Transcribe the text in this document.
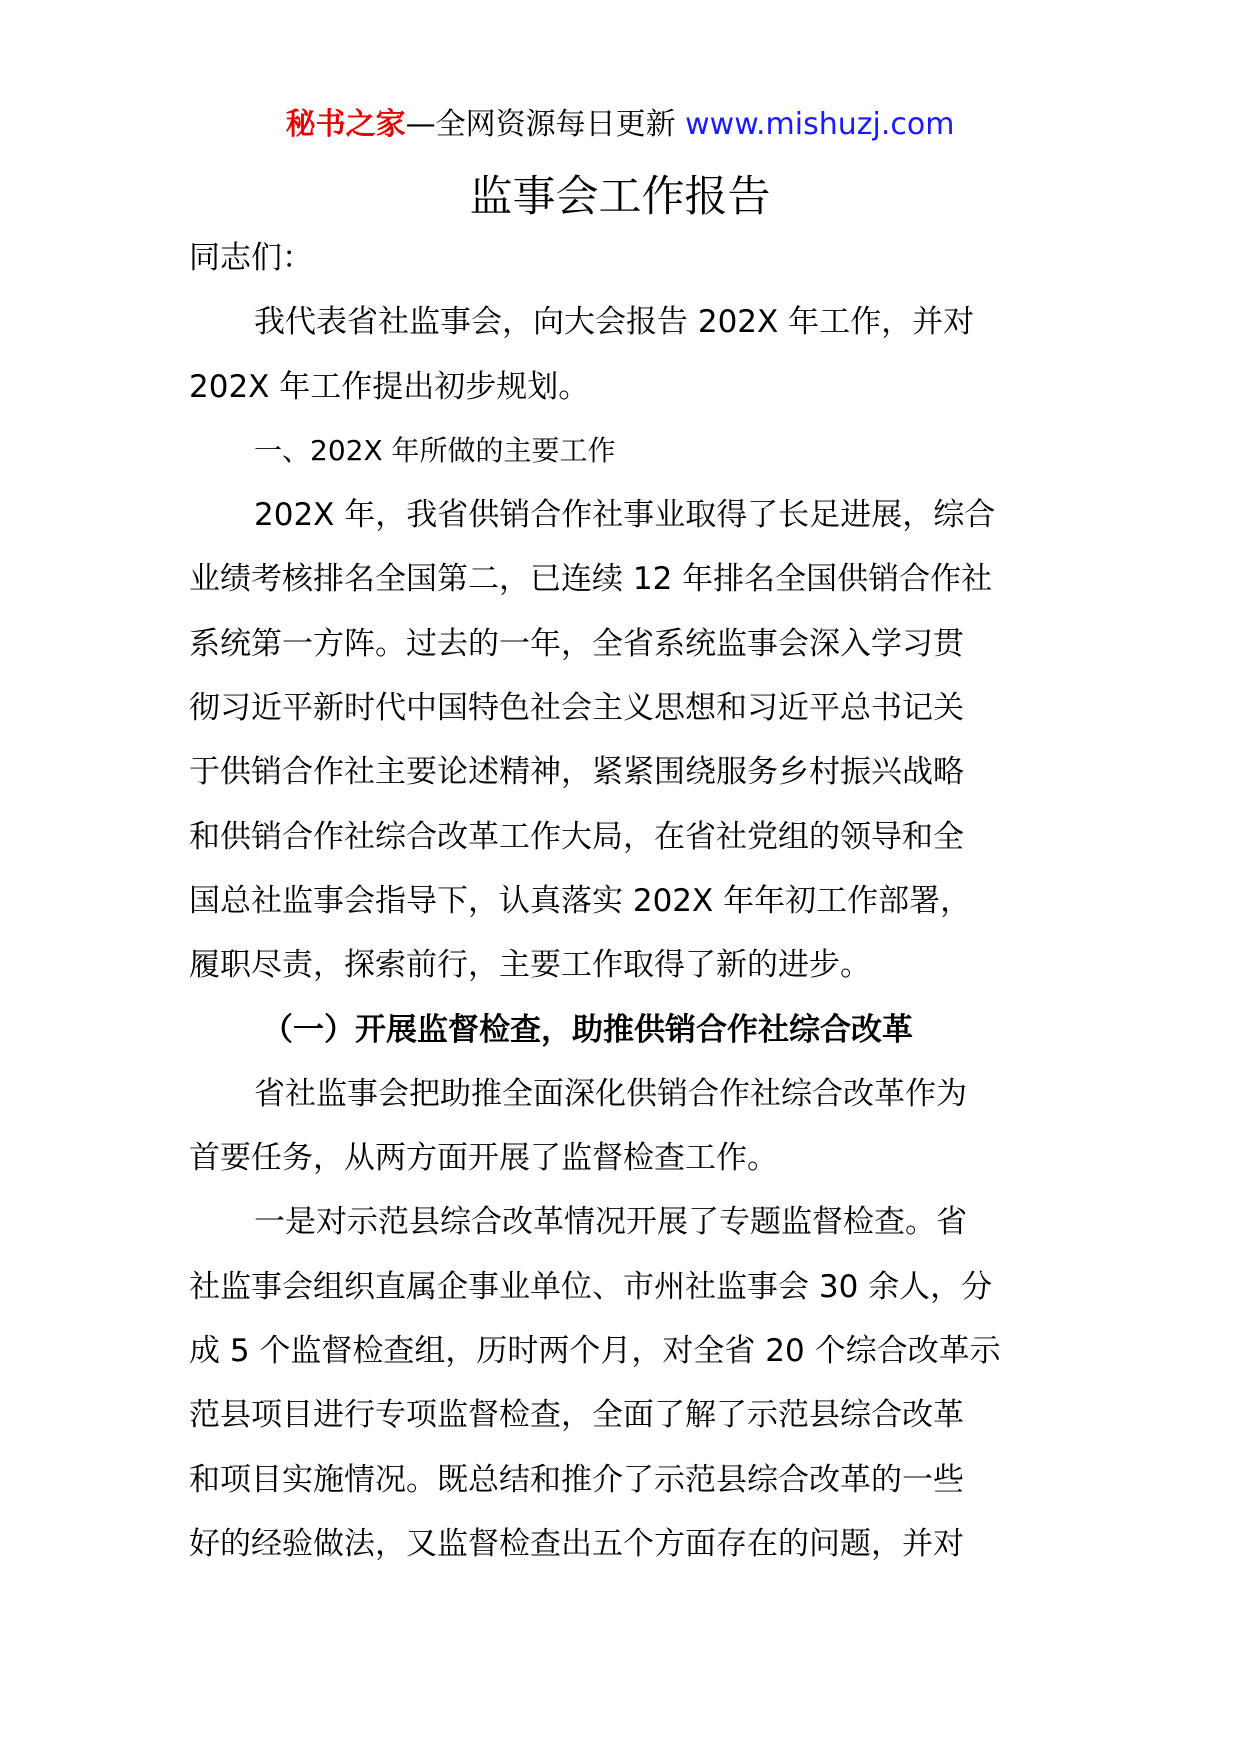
秘书之家—全网资源每日更新 www.mishuzj.com
监事会工作报告
同志们：
我代表省社监事会，向大会报告 202X 年工作，并对
202X 年工作提出初步规划。
一、202X 年所做的主要工作
202X 年，我省供销合作社事业取得了长足进展，综合
业绩考核排名全国第二，已连续 12 年排名全国供销合作社
系统第一方阵。过去的一年，全省系统监事会深入学习贯
彻习近平新时代中国特色社会主义思想和习近平总书记关
于供销合作社主要论述精神，紧紧围绕服务乡村振兴战略
和供销合作社综合改革工作大局，在省社党组的领导和全
国总社监事会指导下，认真落实 202X 年年初工作部署，
履职尽责，探索前行，主要工作取得了新的进步。
（一）开展监督检查，助推供销合作社综合改革
省社监事会把助推全面深化供销合作社综合改革作为
首要任务，从两方面开展了监督检查工作。
一是对示范县综合改革情况开展了专题监督检查。省
社监事会组织直属企事业单位、市州社监事会 30 余人，分
成 5 个监督检查组，历时两个月，对全省 20 个综合改革示
范县项目进行专项监督检查，全面了解了示范县综合改革
和项目实施情况。既总结和推介了示范县综合改革的一些
好的经验做法，又监督检查出五个方面存在的问题，并对
